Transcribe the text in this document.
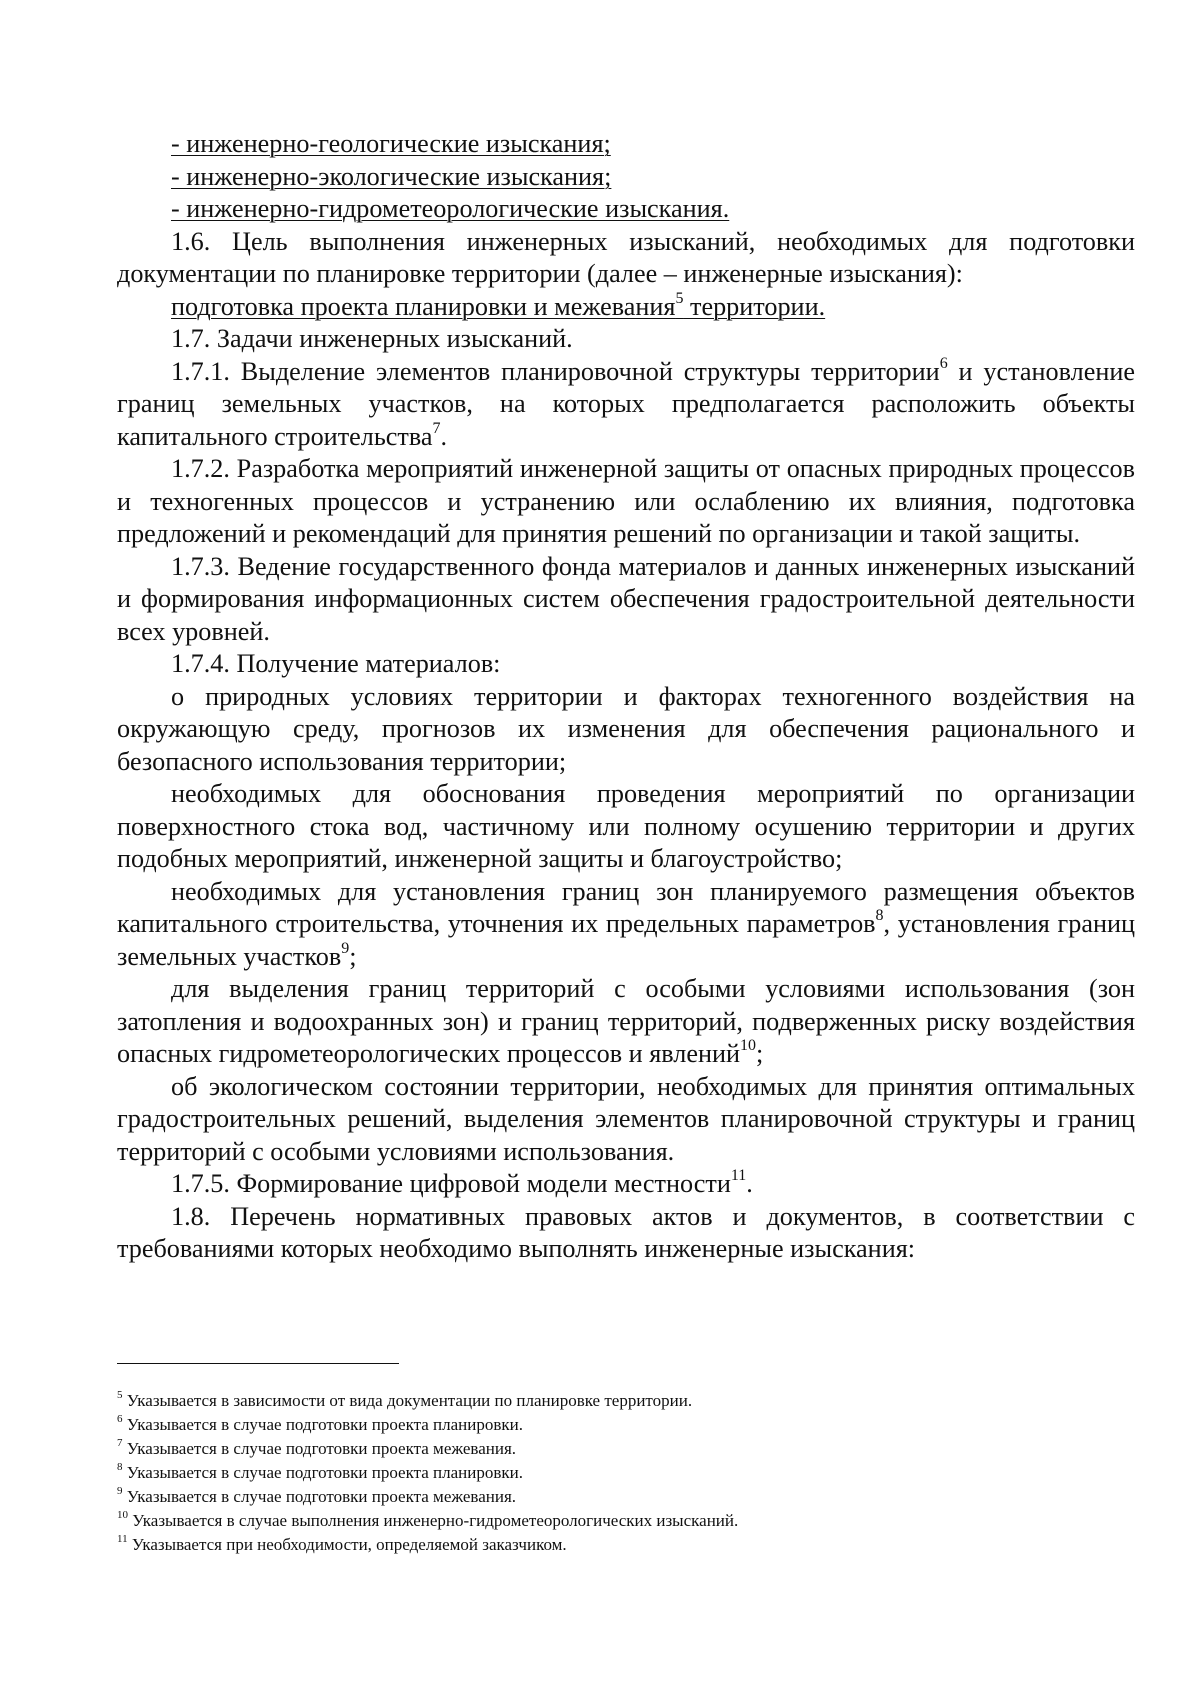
- инженерно-геологические изыскания;

- инженерно-экологические изыскания;

- инженерно-гидрометеорологические изыскания.

1.6. Цель выполнения инженерных изысканий, необходимых для подготовки документации по планировке территории (далее – инженерные изыскания):

подготовка проекта планировки и межевания$^5$ территории.

1.7. Задачи инженерных изысканий.

1.7.1. Выделение элементов планировочной структуры территории$^6$ и установление границ земельных участков, на которых предполагается расположить объекты капитального строительства$^7$.

1.7.2. Разработка мероприятий инженерной защиты от опасных природных процессов и техногенных процессов и устранению или ослаблению их влияния, подготовка предложений и рекомендаций для принятия решений по организации и такой защиты.

1.7.3. Ведение государственного фонда материалов и данных инженерных изысканий и формирования информационных систем обеспечения градостроительной деятельности всех уровней.

1.7.4. Получение материалов:

о природных условиях территории и факторах техногенного воздействия на окружающую среду, прогнозов их изменения для обеспечения рационального и безопасного использования территории;

необходимых для обоснования проведения мероприятий по организации поверхностного стока вод, частичному или полному осушению территории и других подобных мероприятий, инженерной защиты и благоустройство;

необходимых для установления границ зон планируемого размещения объектов капитального строительства, уточнения их предельных параметров$^8$, установления границ земельных участков$^9$;

для выделения границ территорий с особыми условиями использования (зон затопления и водоохранных зон) и границ территорий, подверженных риску воздействия опасных гидрометеорологических процессов и явлений$^{10}$;

об экологическом состоянии территории, необходимых для принятия оптимальных градостроительных решений, выделения элементов планировочной структуры и границ территорий с особыми условиями использования.

1.7.5. Формирование цифровой модели местности$^{11}$.

1.8. Перечень нормативных правовых актов и документов, в соответствии с требованиями которых необходимо выполнять инженерные изыскания:

$^5$ Указывается в зависимости от вида документации по планировке территории.

$^6$ Указывается в случае подготовки проекта планировки.

$^7$ Указывается в случае подготовки проекта межевания.

$^8$ Указывается в случае подготовки проекта планировки.

$^9$ Указывается в случае подготовки проекта межевания.

$^{10}$ Указывается в случае выполнения инженерно-гидрометеорологических изысканий.

$^{11}$ Указывается при необходимости, определяемой заказчиком.
